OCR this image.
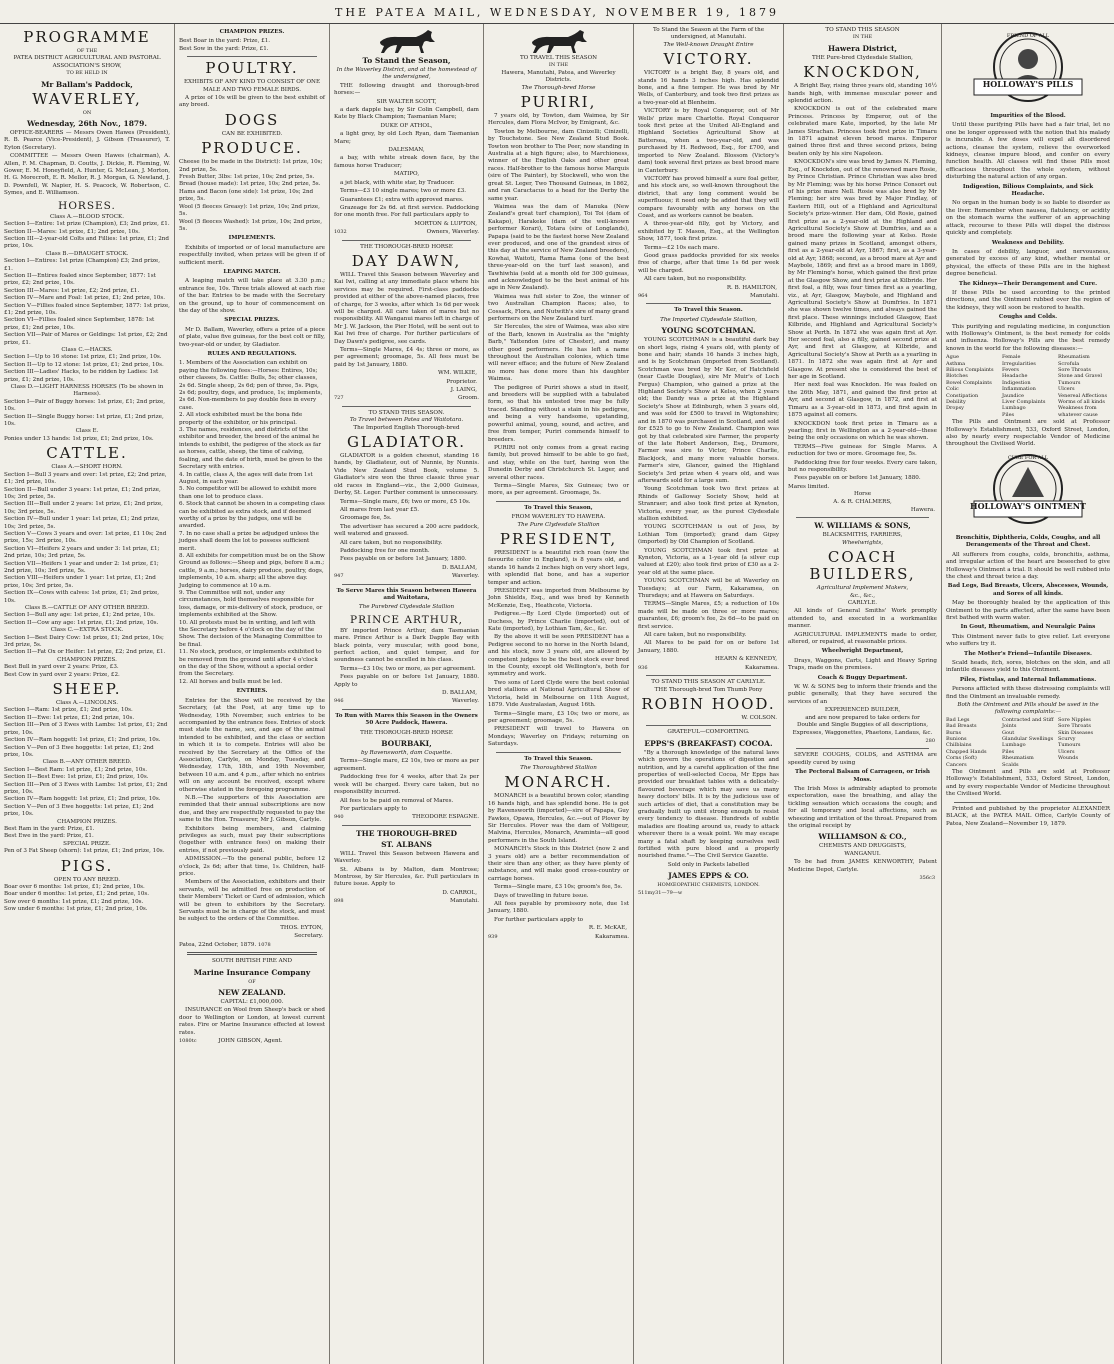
THE PATEA MAIL, WEDNESDAY, NOVEMBER 19, 1879
PROGRAMME
OF THE
PATEA DISTRICT AGRICULTURAL AND PASTORAL ASSOCIATION'S SHOW,
TO BE HELD IN
Mr Ballam's Paddock,
WAVERLEY,
ON
Wednesday, 26th Nov., 1879.

OFFICE-BEARERS — Messrs Owen Hawes (President), R. B. Pearce (Vice-President), J. Gibson (Treasurer), T. Eyton (Secretary).

COMMITTEE — Messrs Owen Hawes (chairman), A. Allen, F. M. Chapman, D. Coutts, J. Dickie, R. Fleming, W. Gower, E. M. Honeyfield, A. Hunter, G. McLean, J. Morton, H. G. Morecroft, E. R. Mellor, R. J. Morgan, G. Newland, J. D. Pownfell, W. Napier, H. S. Peacock, W. Robertson, C. Symes, and E. Williamson.

HORSES.
Class A.—BLOOD STOCK.
Section I—Entire: 1st prize (Champion), £3; 2nd prize, £1.
Section II—Mares: 1st prize, £1; 2nd prize, 10s.
Section III—2-year-old Colts and Fillies: 1st prize, £1; 2nd prize, 10s.
Class B.—DRAUGHT STOCK.
Section I—Entires: 1st prize (Champion) £3; 2nd prize, £1.
Section II—Entires foaled since September, 1877: 1st prize, £2; 2nd prize, 10s.
Section III—Mares: 1st prize, £2; 2nd prize, £1.
Section IV—Mare and Foal: 1st prize, £1; 2nd prize, 10s.
Section V—Fillies foaled since September, 1877: 1st prize, £1; 2nd prize, 10s.
Section VI—Fillies foaled since September, 1878: 1st prize, £1; 2nd prize, 10s.
Section VII—Pair of Mares or Geldings: 1st prize, £2; 2nd prize, £1.
Class C.—HACKS.
Section I—Up to 16 stone: 1st prize, £1; 2nd prize, 10s.
Section II—Up to 12 stone: 1st prize, £1; 2nd prize, 10s.
Section III—Ladies' Hacks, to be ridden by Ladies: 1st prize, £1; 2nd prize, 10s.
Class D.—LIGHT HARNESS HORSES (To be shown in Harness).
Section I—Pair of Buggy horses: 1st prize, £1; 2nd prize, 10s.
Section II—Single Buggy horse: 1st prize, £1; 2nd prize, 10s.
Class E.
Ponies under 13 hands: 1st prize, £1; 2nd prize, 10s.
CATTLE.
Class A.—SHORT HORN.
Section I—Bull 3 years and over: 1st prize, £2; 2nd prize, £1; 3rd prize, 10s.
Section II—Bull under 3 years: 1st prize, £1; 2nd prize, 10s; 3rd prize, 5s.
Section III—Bull under 2 years: 1st prize, £1; 2nd prize, 10s; 3rd prize, 5s.
Section IV—Bull under 1 year: 1st prize, £1; 2nd prize, 10s; 3rd prize, 5s.
Section V—Cows 3 years and over: 1st prize, £1 10s; 2nd prize, 15s; 3rd prize, 10s.
Section VI—Heifers 2 years and under 3: 1st prize, £1; 2nd prize, 10s; 3rd prize, 5s.
Section VII—Heifers 1 year and under 2: 1st prize, £1; 2nd prize, 10s; 3rd prize, 5s.
Section VIII—Heifers under 1 year: 1st prize, £1; 2nd prize, 10s; 3rd prize, 5s.
Section IX—Cows with calves: 1st prize, £1; 2nd prize, 10s.
Class B.—CATTLE OF ANY OTHER BREED.
Section I—Bull any age: 1st prize, £1; 2nd prize, 10s.
Section II—Cow any age: 1st prize, £1; 2nd prize, 10s.
Class C.—EXTRA STOCK.
Section I—Best Dairy Cow: 1st prize, £1; 2nd prize, 10s; 3rd prize, 5s.
Section II—Fat Ox or Heifer: 1st prize, £2; 2nd prize, £1.
CHAMPION PRIZES.
Best Bull in yard over 2 years: Prize, £3.
Best Cow in yard over 2 years: Prize, £2.
SHEEP.
Class A.—LINCOLNS.
Section I—Ram: 1st prize, £1; 2nd prize, 10s.
Section II—Ewe: 1st prize, £1; 2nd prize, 10s.
Section III—Pen of 3 Ewes with Lambs: 1st prize, £1; 2nd prize, 10s.
Section IV—Ram hoggett: 1st prize, £1; 2nd prize, 10s.
Section V—Pen of 3 Ewe hoggetts: 1st prize, £1; 2nd prize, 10s.
Class B.—ANY OTHER BREED.
Section I—Best Ram: 1st prize, £1; 2nd prize, 10s.
Section II—Best Ewe: 1st prize, £1; 2nd prize, 10s.
Section III—Pen of 3 Ewes with Lambs: 1st prize, £1; 2nd prize, 10s.
Section IV—Ram hoggett: 1st prize, £1; 2nd prize, 10s.
Section V—Pen of 3 Ewe hoggetts: 1st prize, £1; 2nd prize, 10s.
CHAMPION PRIZES.
Best Ram in the yard: Prize, £1.
Best Ewe in the yard: Prize, £1.
SPECIAL PRIZE.
Pen of 3 Fat Sheep (shorn): 1st prize, £1; 2nd prize, 10s.
PIGS.
OPEN TO ANY BREED.
Boar over 6 months: 1st prize, £1; 2nd prize, 10s.
Boar under 6 months: 1st prize, £1; 2nd prize, 10s.
Sow over 6 months: 1st prize, £1; 2nd prize, 10s.
Sow under 6 months: 1st prize, £1; 2nd prize, 10s.
CHAMPION PRIZES.
Best Boar in the yard: Prize, £1.
Best Sow in the yard: Prize, £1.
POULTRY.
EXHIBITS OF ANY KIND TO CONSIST OF ONE MALE AND TWO FEMALE BIRDS.

A prize of 10s will be given to the best exhibit of any breed.

DOGS
CAN BE EXHIBITED.
PRODUCE.
Cheese (to be made in the District): 1st prize, 10s; 2nd prize, 5s.
Fresh Butter, 3lbs: 1st prize, 10s; 2nd prize, 5s.
Bread (house made): 1st prize, 10s; 2nd prize, 5s.
Hams and Bacon (one side): 1st prize, 10s; 2nd prize, 5s.
Wool (5 fleeces Greasy): 1st prize, 10s; 2nd prize, 5s.
Wool (5 fleeces Washed): 1st prize, 10s; 2nd prize, 5s.
IMPLEMENTS.

Exhibits of imported or of local manufacture are respectfully invited, when prizes will be given if of sufficient merit.

LEAPING MATCH.

A leaping match will take place at 3.30 p.m.; entrance fee, 10s. Three trials allowed at each rise of the bar. Entries to be made with the Secretary on the ground, up to hour of commencement on the day of the show.

SPECIAL PRIZES.

Mr D. Ballam, Waverley, offers a prize of a piece of plate, value five guineas, for the best colt or filly, two-year-old or under, by Gladiator.

RULES AND REGULATIONS.
1. Members of the Association can exhibit on paying the following fees:—Horses: Entires, 10s; other classes, 5s. Cattle: Bulls, 5s; other classes, 2s 6d. Single sheep, 2s 6d; pen of three, 5s. Pigs, 2s 6d; poultry, dogs, and produce, 1s; implements, 2s 6d. Non-members to pay double fees in every case.
2. All stock exhibited must be the bona fide property of the exhibitor, or his principal.
3. The names, residences, and districts of the exhibitor and breeder, the breed of the animal he intends to exhibit, the pedigree of the stock as far as horses, cattle, sheep, the time of calving, foaling, and the date of birth, must be given to the Secretary with entries.
4. In cattle, class A, the ages will date from 1st August, in each year.
5. No competitor will be allowed to exhibit more than one lot to produce class.
6. Stock that cannot be shown in a competing class can be exhibited as extra stock, and if deemed worthy of a prize by the judges, one will be awarded.
7. In no case shall a prize be adjudged unless the judges shall deem the lot to possess sufficient merit.
8. All exhibits for competition must be on the Show Ground as follows:—Sheep and pigs, before 8 a.m.; cattle, 9 a.m.; horses, dairy produce, poultry, dogs, implements, 10 a.m. sharp; all the above day. Judging to commence at 10 a.m.
9. The Committee will not, under any circumstances, hold themselves responsible for loss, damage, or mis-delivery of stock, produce, or implements exhibited at the Show.
10. All protests must be in writing, and left with the Secretary before 4 o'clock on the day of the Show. The decision of the Managing Committee to be final.
11. No stock, produce, or implements exhibited to be removed from the ground until after 4 o'clock on the day of the Show, without a special order from the Secretary.
12. All horses and bulls must be led.
ENTRIES.

Entries for the Show will be received by the Secretary, (at the Post, at any time up to Wednesday, 19th November, such entries to be accompanied by the entrance fees. Entries of stock must state the name, sex, and age of the animal intended to be exhibited, and the class or section in which it is to compete. Entries will also be received by the Secretary at the Office of the Association, Carlyle, on Monday, Tuesday, and Wednesday, 17th, 18th, and 19th November, between 10 a.m. and 4 p.m., after which no entries will on any account be received, except where otherwise stated in the foregoing programme.

N.B.—The supporters of this Association are reminded that their annual subscriptions are now due, and they are respectfully requested to pay the same to the Hon. Treasurer, Mr J. Gibson, Carlyle.

Exhibitors being members, and claiming privileges as such, must pay their subscriptions (together with entrance fees) on making their entries, if not previously paid.

ADMISSION.—To the general public, before 12 o'clock, 2s 6d; after that time, 1s. Children, half-price.

Members of the Association, exhibitors and their servants, will be admitted free on production of their Members' Ticket or Card of admission, which will be given to exhibitors by the Secretary. Servants must be in charge of the stock, and must be subject to the orders of the Committee.

THOS. EYTON,
Secretary.
Patea, 22nd October, 1879. 1078
SOUTH BRITISH FIRE AND
Marine Insurance Company
OF
NEW ZEALAND.
CAPITAL: £1,000,000.

INSURANCE on Wool from Sheep's back or shed door to Wellington or London, at lowest current rates. Fire or Marine Insurance effected at lowest rates.

1080tc	JOHN GIBSON, Agent.
To Stand the Season,
In the Waverley District, and at the homestead of the undersigned,

THE following draught and thorough-bred horses:—

SIR WALTER SCOTT,

a dark dapple bay, by Sir Colin Campbell, dam Kate by Black Champion; Tasmanian Mare;

DUKE OF ATHOL,

a light grey, by old Loch Ryan, dam Tasmanian Mare;

DALESMAN,

a bay, with white streak down face, by the famous horse Traducer;

MATIPO,

a jet black, with white star, by Traducer.

Terms—£3 10 single mares; two or more £3.

Guarantees £1; extra with approved mares.

Grazeage for 2s 6d. at first service. Paddocking for one month free. For full particulars apply to

MORTON & LUPTON,
1032	Owners, Waverley.
THE THOROUGH-BRED HORSE
DAY DAWN,

WILL Travel this Season between Waverley and Kai Iwi, calling at any immediate place where his services may be required. First-class paddocks provided at either of the above-named places, free of charge, for 3 weeks, after which 1s 6d per week will be charged. All care taken of mares but no responsibility. All Wanganui mares left in charge of Mr J. W. Jackson, the Pier Hotel, will be sent out to Kai Iwi free of charge. For further particulars of Day Dawn's pedigree, see cards.

Terms—Single Mares, £4 4s; three or more, as per agreement; groomage, 5s. All fees must be paid by 1st January, 1880.

WM. WILKIE,
Proprietor.
J. LAING,
727	Groom.
TO STAND THIS SEASON.
To Travel between Patea and Waitotara.
The Imported English Thorough-bred
GLADIATOR.

GLADIATOR is a golden chesnut, standing 16 hands, by Gladiateur, out of Nunnie, by Nunnis. Vide New Zealand Stud Book, volume 5. Gladiator's sire won the three classic three year old races in England—viz., the 2,000 Guineas, Derby, St. Leger. Further comment is unnecessary.

Terms—Single mare, £6; two or more, £5 10s.

All mares from last year £5.

Groomage fee, 5s.

The advertiser has secured a 200 acre paddock, well watered and grassed.

All care taken, but no responsibility.

Paddocking free for one month.

Fees payable on or before 1st January, 1880.

D. BALLAM,
947	Waverley.
To Serve Mares this Season between Hawera and Waitotara,
The Purebred Clydesdale Stallion
PRINCE ARTHUR,

BY imported Prince Arthur, dam Tasmanian mare. Prince Arthur is a Dark Dapple Bay with black points, very muscular, with good bone, perfect action, and quiet temper, and for soundness cannot be excelled in his class.

Terms—£3 10s; two or more, as per agreement.

Fees payable on or before 1st January, 1880. Apply to

D. BALLAM,
946	Waverley.
To Run with Mares this Season in the Owners 50 Acre Paddock, Hawera.
THE THOROUGH-BRED HORSE
BOURBAKI,
by Ravensworth, dam Coquette.

Terms—Single mare, £2 10s, two or more as per agreement.

Paddocking free for 4 weeks, after that 2s per week will be charged. Every care taken, but no responsibility incurred.

All fees to be paid on removal of Mares.

For particulars apply to

940	THEODORE ESPAGNE.
THE THOROUGH-BRED
ST. ALBANS

WILL Travel this Season between Hawera and Waverley.

St. Albans is by Malton, dam Montrose; Montrose, by Sir Hercules, &c. Full particulars in future issue. Apply to

D. CARROL,
898	Manutahi.
TO TRAVEL THIS SEASON
IN THE
Hawera, Manutahi, Patea, and Waverley Districts.
The Thorough-bred Horse
PURIRI,

7 years old, by Towton, dam Waimea, by Sir Hercules, dam Flora McIvor, by Emigrant, &c.

Towton by Melbourne, dam Cinizelli; Cinizelli, by Touchstone. See New Zealand Stud Book. Towton won brother to The Peer, now standing in Australia at a high figure; also, to Marchioness, winner of the English Oaks and other great races. Half-brother to the famous horse Marquis (sire of The Painter), by Stockwell, who won the great St. Leger, Two Thousand Guineas, in 1862, and ran Caractacus to a head for the Derby the same year.

Waimea was the dam of Manuka (New Zealand's great turf champion), Toi Toi (dam of Kakapo), Harakeke (dam of the well-known performer Korari), Totara (sire of Longlands), Papapa (said to be the fastest horse New Zealand ever produced, and one of the grandest sires of this day at the service of New Zealand breeders), Kowhai, Waitoti, Rama Rama (one of the best three-year-old on the turf last season), and Tawhiwhia (sold at a month old for 300 guineas, and acknowledged to be the best animal of his age in New Zealand).

Waimea was full sister to Zoe, the winner of two Australian Champion Races; also, to Cossack, Flora, and Nutwith's sire of many grand performers on the New Zealand turf.

Sir Hercules, the sire of Waimea, was also sire of the Barb, known in Australia as the "mighty Barb," Yattendon (sire of Chester), and many other good performers. He has left a name throughout the Australian colonies, which time will never efface; and the future of New Zealand no more has done more than his daughter Waimea.

The pedigree of Puriri shows a stud in itself, and breeders will be supplied with a tabulated form, so that his untested tree may be fully traced. Standing without a stain in his pedigree, and being a very handsome, upstanding, powerful animal, young, sound, and active, and free from temper, Puriri commends himself to breeders.

PURIRI not only comes from a great racing family, but proved himself to be able to go fast, and stay, while on the turf, having won the Dunedin Derby and Christchurch St. Leger, and several other races.

Terms—Single Mares, Six Guineas; two or more, as per agreement. Groomage, 5s.

To Travel this Season,
FROM WAVERLEY TO HAWERA.
The Pure Clydesdale Stallion
PRESIDENT,

PRESIDENT is a beautiful rich roan (now the favourite color in England), is 8 years old, and stands 16 hands 2 inches high on very short legs, with splendid flat bone, and has a superior temper and action.

PRESIDENT was imported from Melbourne by John Shields, Esq., and was bred by Kenneth McKenzie, Esq., Heathcote, Victoria.

Pedigree.—By Lord Clyde (imported) out of Duchess, by Prince Charlie (imported), out of Kate (imported), by Lothian Tam, &c., &c.

By the above it will be seen PRESIDENT has a Pedigree second to no horse in the North Island, and his stock, now 3 years old, are allowed by competent judges to be the best stock ever bred in the County, except old Wellington's, both for symmetry and work.

Two sons of Lord Clyde were the best colonial bred stallions at National Agricultural Show of Victoria, held in Melbourne on 11th August, 1879. Vide Australasian, August 16th.

Terms—Single mare, £3 10s; two or more, as per agreement; groomage, 5s.

PRESIDENT will travel to Hawera on Mondays; Waverley on Fridays; returning on Saturdays.

To Travel this Season.
The Thoroughbred Stallion
MONARCH.

MONARCH is a beautiful brown color, standing 16 hands high, and has splendid bone. He is got by Ravensworth (imported)—sire of Papapa, Guy Fawkes, Opawa, Hercules, &c.—out of Plover by Sir Hercules. Plover was the dam of Voltigeur, Malvina, Hercules, Monarch, Araminta—all good performers in the South Island.

MONARCH's Stock in this District (now 2 and 3 years old) are a better recommendation of their sire than any other, as they have plenty of substance, and will make good cross-country or carriage horses.

Terms—Single mare, £3 10s; groom's fee, 5s.

Days of travelling in future issue.

All fees payable by promissory note, due 1st January, 1880.

For further particulars apply to

R. E. McKAE,
939	Kakaramea.
To Stand the Season at the Farm of the undersigned, at Manutahi.
The Well-known Draught Entire
VICTORY.

VICTORY is a bright Bay, 8 years old, and stands 16 hands 3 inches high. Has splendid bone, and a fine temper. He was bred by Mr Wells, of Canterbury, and took two first prizes as a two-year-old at Blenheim.

VICTORY is by Royal Conqueror, out of Mr Wells' prize mare Charlotte. Royal Conqueror took first prize at the United All-England and Highland Societies Agricultural Show at Battersea, when a two-year-old, and was purchased by H. Redwood, Esq., for £700, and imported to New Zealand. Blossom (Victory's dam) took several first prizes as best brood mare in Canterbury.

VICTORY has proved himself a sure foal getter, and his stock are, so well-known throughout the district, that any long comment would be superfluous; it need only be added that they will compare favourably with any horses on the Coast, and as workers cannot be beaten.

A three-year-old filly, got by Victory, and exhibited by T. Mason, Esq., at the Wellington Show, 1877, took first prize.

Terms—£2 10s each mare.

Good grass paddocks provided for six weeks free of charge, after that time 1s 6d per week will be charged.

All care taken, but no responsibility.

R. B. HAMILTON,
964	Manutahi.
To Travel this Season.
The Imported Clydesdale Stallion,
YOUNG SCOTCHMAN.

YOUNG SCOTCHMAN is a beautiful dark bay on short legs, rising 4 years old, with plenty of bone and hair; stands 16 hands 3 inches high, and is by Scotchman (imported from Scotland). Scotchman was bred by Mr Ker, of Hatchfield (near Castle Douglas), sire Mr Muir's of Loch Fergus) Champion, who gained a prize at the Highland Society's Show at Kelso, when 2 years old; the Dandy was a prize at the Highland Society's Show at Edinburgh, when 3 years old, and was sold for £500 to travel in Wigtonshire; and in 1870 was purchased in Scotland, and sold for £525 to go to New Zealand. Champion was got by that celebrated sire Farmer, the property of the late Robert Anderson, Esq., Drumore, Farmer was sire to Victor, Prince Charlie, Blackjock, and many more valuable horses. Farmer's sire, Glancer, gained the Highland Society's 3rd prize when 4 years old, and was afterwards sold for a large sum.

Young Scotchman took two first prizes at Rhinds of Galloway Society Show, held at Stranraer; and also took first prize at Kyneton, Victoria, every year, as the purest Clydesdale stallion exhibited.

YOUNG SCOTCHMAN is out of Jess, by Lothian Tom (imported); grand dam Gipsy (imported) by Old Champion of Scotland.

YOUNG SCOTCHMAN took first prize at Kyneton, Victoria, as a 1-year old (a silver cup valued at £20); also took first prize of £30 as a 2-year old at the same place.

YOUNG SCOTCHMAN will be at Waverley on Tuesdays; at our Farm, Kakaramea, on Thursdays; and at Hawera on Saturdays.

TERMS—Single Mares, £5; a reduction of 10s made will be made on three or more mares; guarantee, £6; groom's fee, 2s 6d—to be paid on first service.

All care taken, but no responsibility.

All Mares to be paid for on or before 1st January, 1880.

HEARN & KENNEDY,
936	Kakaramea.
TO STAND THIS SEASON AT CARLYLE.
THE Thorough-bred Tom Thumb Pony
ROBIN HOOD.
W. COLSON.
GRATEFUL—COMFORTING.
EPPS'S (BREAKFAST) COCOA.

"By a thorough knowledge of the natural laws which govern the operations of digestion and nutrition, and by a careful application of the fine properties of well-selected Cocoa, Mr Epps has provided our breakfast tables with a delicately-flavoured beverage which may save us many heavy doctors' bills. It is by the judicious use of such articles of diet, that a constitution may be gradually built up until strong enough to resist every tendency to disease. Hundreds of subtle maladies are floating around us, ready to attack wherever there is a weak point. We may escape many a fatal shaft by keeping ourselves well fortified with pure blood and a properly nourished frame."—The Civil Service Gazette.

Sold only in Packets labelled
JAMES EPPS & CO.
HOMŒOPATHIC CHEMISTS, LONDON.
511my31—79—w
TO STAND THIS SEASON
IN THE
Hawera District,
THE Pure-bred Clydesdale Stallion,
KNOCKDON,

A Bright Bay, rising three years old, standing 16½ hands high, with immense muscular power and splendid action.

KNOCKDON is out of the celebrated mare Princess. Princess by Emperor, out of the celebrated mare Kate, imported, by the late Mr James Strachan. Princess took first prize in Timaru in 1871 against eleven brood mares. Emperor gained three first and three second prizes, being beaten only by his sire Napoleon.

KNOCKDON's sire was bred by James N. Fleming, Esq., of Knockdon, out of the renowned mare Rosie, by Prince Christian. Prince Christian was also bred by Mr Fleming; was by his horse Prince Consort out of his prize mare Nell. Rosie was also bred by Mr Fleming; her sire was bred by Major Findlay, of Eastern Hill, out of a Highland and Agricultural Society's prize-winner. Her dam, Old Rosie, gained first prize as a 2-year-old at the Highland and Agricultural Society's Show at Dumfries, and as a brood mare the following year at Kelso. Rosie gained many prizes in Scotland, amongst others, first as a 2-year-old at Ayr, 1867; first, as a 3-year-old at Ayr, 1868; second, as a brood mare at Ayr and Maybole, 1869; and first as a brood mare in 1869, by Mr Fleming's horse, which gained the first prize at the Glasgow Show, and first prize at Kilbride. Her first foal, a filly, was four times first as a yearling, viz., at Ayr, Glasgow, Maybole, and Highland and Agricultural Society's Show at Dumfries. In 1871 she was shown twelve times, and always gained the first place. These winnings included Glasgow, East Kilbride, and Highland and Agricultural Society's Show at Perth. In 1872 she was again first at Ayr. Her second foal, also a filly, gained second prize at Ayr, and first at Glasgow, at Kilbride, and Agricultural Society's Show at Perth as a yearling in 1871. In 1872 she was again first at Ayr and Glasgow. At present she is considered the best of her age in Scotland.

Her next foal was Knockdon. He was foaled on the 26th May, 1871, and gained the first prize at Ayr, and second at Glasgow, in 1872, and first at Timaru as a 3-year-old in 1873, and first again in 1875 against all comers.

KNOCKDON took first prize in Timaru as a yearling; first in Wellington as a 2-year-old—these being the only occasions on which he was shown.

TERMS—Five guineas for Single Mares. A reduction for two or more. Groomage fee, 5s.

Paddocking free for four weeks. Every care taken, but no responsibility.

Fees payable on or before 1st January, 1880.

Mares limited.
Horse
A. & R. CHALMERS,
Hawera.
W. WILLIAMS & SONS,
BLACKSMITHS, FARRIERS,
Wheelwrights,
COACH BUILDERS,
Agricultural Implement Makers,
&c., &c.,
CARLYLE.

All kinds of General Smiths' Work promptly attended to, and executed in a workmanlike manner.

AGRICULTURAL IMPLEMENTS made to order, altered, or repaired, at reasonable prices.

Wheelwright Department,

Drays, Waggons, Carts, Light and Heavy Spring Traps, made on the premises.

Coach & Buggy Department.

W. W. & SONS beg to inform their friends and the public generally, that they have secured the services of an

EXPERIENCED BUILDER,
and are now prepared to take orders for
Double and Single Buggies of all descriptions,
Expresses, Waggonettes, Phaetons, Landaus, &c.
280

SEVERE COUGHS, COLDS, and ASTHMA are speedily cured by using

The Pectoral Balsam of Carrageen, or Irish Moss.

The Irish Moss is admirably adapted to promote expectoration, ease the breathing, and allay the tickling sensation which occasions the cough; and for all temporary and local affections, such as wheezing and irritation of the throat. Prepared from the original receipt by

WILLIAMSON & CO.,
CHEMISTS AND DRUGGISTS,
WANGANUI.

To be had from JAMES KENWORTHY, Patent Medicine Depot, Carlyle.

356c3
FRIEND OF ALL
HOLLOWAY'S PILLS
Impurities of the Blood.

Until these purifying Pills have had a fair trial, let no one be longer oppressed with the notion that his malady is incurable. A few doses will expel all disordered actions, cleanse the system, relieve the overworked kidneys, cleanse impure blood, and confer on every function health. All classes will find these Pills most efficacious throughout the whole system, without disturbing the natural action of any organ.

Indigestion, Bilious Complaints, and Sick Headache.

No organ in the human body is so liable to disorder as the liver. Remember when nausea, flatulency, or acidity on the stomach warns the sufferer of an approaching attack, recourse to these Pills will dispel the distress quickly and completely.

Weakness and Debility.

In cases of debility, languor, and nervousness, generated by excess of any kind, whether mental or physical, the effects of these Pills are in the highest degree beneficial.

The Kidneys—Their Derangement and Cure.

If these Pills be used according to the printed directions, and the Ointment rubbed over the region of the kidneys, they will soon be restored to health.

Coughs and Colds.

This purifying and regulating medicine, in conjunction with Holloway's Ointment, is the best remedy for colds and influenza. Holloway's Pills are the best remedy known in the world for the following diseases:—

Ague
Asthma
Bilious Complaints
Blotches
Bowel Complaints
Colic
Constipation
Debility
Dropsy
Female Irregularities
Fevers
Headache
Indigestion
Inflammation
Jaundice
Liver Complaints
Lumbago
Piles
Rheumatism
Scrofula
Sore Throats
Stone and Gravel
Tumours
Ulcers
Venereal Affections
Worms of all kinds
Weakness from whatever cause

The Pills and Ointment are sold at Professor Holloway's Establishment, 533, Oxford Street, London, also by nearly every respectable Vendor of Medicine throughout the Civilised World.

CURE FOR ALL
HOLLOWAY'S OINTMENT
Bronchitis, Diphtheria, Colds, Coughs, and all Derangements of the Throat and Chest.

All sufferers from coughs, colds, bronchitis, asthma, and irregular action of the heart are beseeched to give Holloway's Ointment a trial. It should be well rubbed into the chest and throat twice a day.

Bad Legs, Bad Breasts, Ulcers, Abscesses, Wounds, and Sores of all kinds.

May be thoroughly healed by the application of this Ointment to the parts affected, after the same have been first bathed with warm water.

In Gout, Rheumatism, and Neuralgic Pains

This Ointment never fails to give relief. Let everyone who suffers try it.

The Mother's Friend—Infantile Diseases.

Scald heads, itch, sores, blotches on the skin, and all infantile diseases yield to this Ointment.

Piles, Fistulas, and Internal Inflammations.

Persons afflicted with these distressing complaints will find the Ointment an invaluable remedy.

Both the Ointment and Pills should be used in the following complaints:—
Bad Legs
Bad Breasts
Burns
Bunions
Chilblains
Chapped Hands
Corns (Soft)
Cancers
Contracted and Stiff Joints
Gout
Glandular Swellings
Lumbago
Piles
Rheumatism
Scalds
Sore Nipples
Sore Throats
Skin Diseases
Scurvy
Tumours
Ulcers
Wounds

The Ointment and Pills are sold at Professor Holloway's Establishment, 533, Oxford Street, London, and by every respectable Vendor of Medicine throughout the Civilised World.

Printed and published by the proprietor ALEXANDER BLACK, at the PATEA MAIL Office, Carlyle County of Patea, New Zealand—November 19, 1879.
